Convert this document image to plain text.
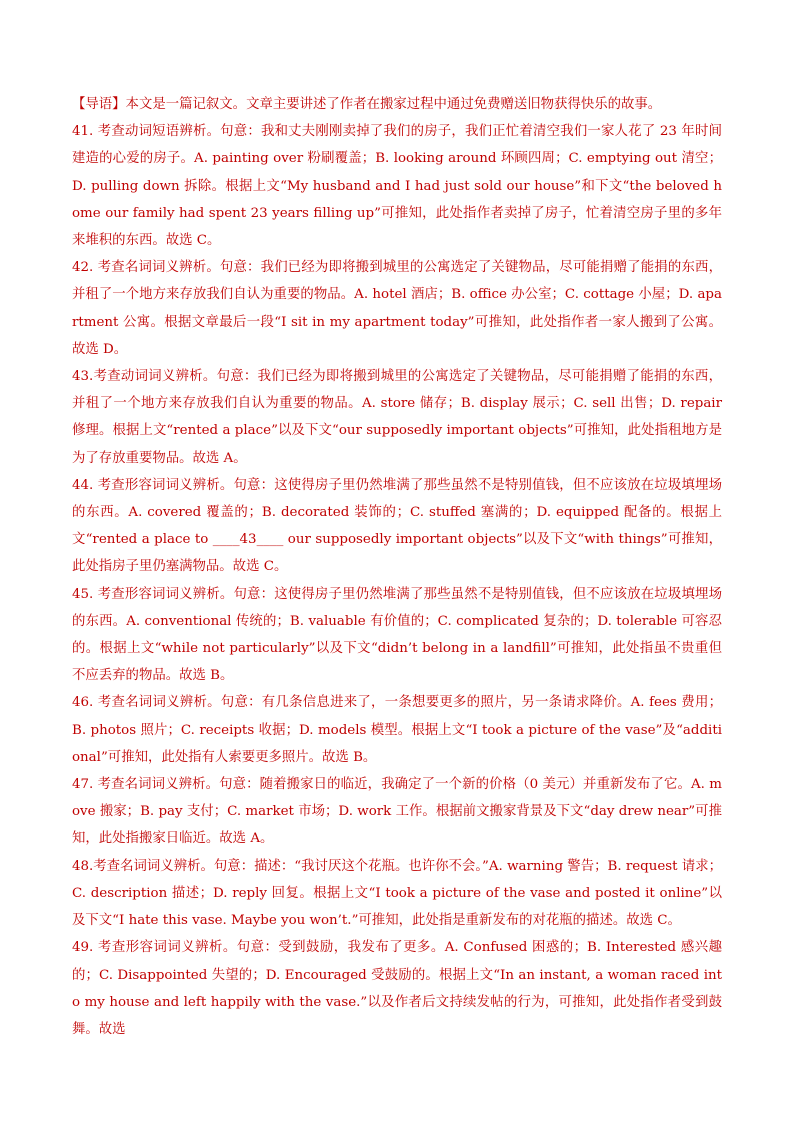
【导语】本文是一篇记叙文。文章主要讲述了作者在搬家过程中通过免费赠送旧物获得快乐的故事。

41. 考查动词短语辨析。句意：我和丈夫刚刚卖掉了我们的房子，我们正忙着清空我们一家人花了 23 年时间建造的心爱的房子。A. painting over 粉刷覆盖；B. looking around 环顾四周；C. emptying out 清空；D. pulling down 拆除。根据上文“My husband and I had just sold our house”和下文“the beloved home our family had spent 23 years filling up”可推知，此处指作者卖掉了房子，忙着清空房子里的多年来堆积的东西。故选 C。

42. 考查名词词义辨析。句意：我们已经为即将搬到城里的公寓选定了关键物品，尽可能捐赠了能捐的东西，并租了一个地方来存放我们自认为重要的物品。A. hotel 酒店；B. office 办公室；C. cottage 小屋；D. apartment 公寓。根据文章最后一段“I sit in my apartment today”可推知，此处指作者一家人搬到了公寓。故选 D。

43.考查动词词义辨析。句意：我们已经为即将搬到城里的公寓选定了关键物品，尽可能捐赠了能捐的东西，并租了一个地方来存放我们自认为重要的物品。A. store 储存；B. display 展示；C. sell 出售；D. repair 修理。根据上文“rented a place”以及下文“our supposedly important objects”可推知，此处指租地方是为了存放重要物品。故选 A。

44. 考查形容词词义辨析。句意：这使得房子里仍然堆满了那些虽然不是特别值钱，但不应该放在垃圾填埋场的东西。A. covered 覆盖的；B. decorated 装饰的；C. stuffed 塞满的；D. equipped 配备的。根据上文“rented a place to ____43____ our supposedly important objects”以及下文“with things”可推知，此处指房子里仍塞满物品。故选 C。

45. 考查形容词词义辨析。句意：这使得房子里仍然堆满了那些虽然不是特别值钱，但不应该放在垃圾填埋场的东西。A. conventional 传统的；B. valuable 有价值的；C. complicated 复杂的；D. tolerable 可容忍的。根据上文“while not particularly”以及下文“didn’t belong in a landfill”可推知，此处指虽不贵重但不应丢弃的物品。故选 B。

46. 考查名词词义辨析。句意：有几条信息进来了，一条想要更多的照片，另一条请求降价。A. fees 费用；B. photos 照片；C. receipts 收据；D. models 模型。根据上文“I took a picture of the vase”及“additional”可推知，此处指有人索要更多照片。故选 B。

47. 考查名词词义辨析。句意：随着搬家日的临近，我确定了一个新的价格（0 美元）并重新发布了它。A. move 搬家；B. pay 支付；C. market 市场；D. work 工作。根据前文搬家背景及下文“day drew near”可推知，此处指搬家日临近。故选 A。

48.考查名词词义辨析。句意：描述：“我讨厌这个花瓶。也许你不会。”A. warning 警告；B. request 请求；C. description 描述；D. reply 回复。根据上文“I took a picture of the vase and posted it online”以及下文“I hate this vase. Maybe you won’t.”可推知，此处指是重新发布的对花瓶的描述。故选 C。

49. 考查形容词词义辨析。句意：受到鼓励，我发布了更多。A. Confused 困惑的；B. Interested 感兴趣的；C. Disappointed 失望的；D. Encouraged 受鼓励的。根据上文“In an instant, a woman raced into my house and left happily with the vase.”以及作者后文持续发帖的行为，可推知，此处指作者受到鼓舞。故选
